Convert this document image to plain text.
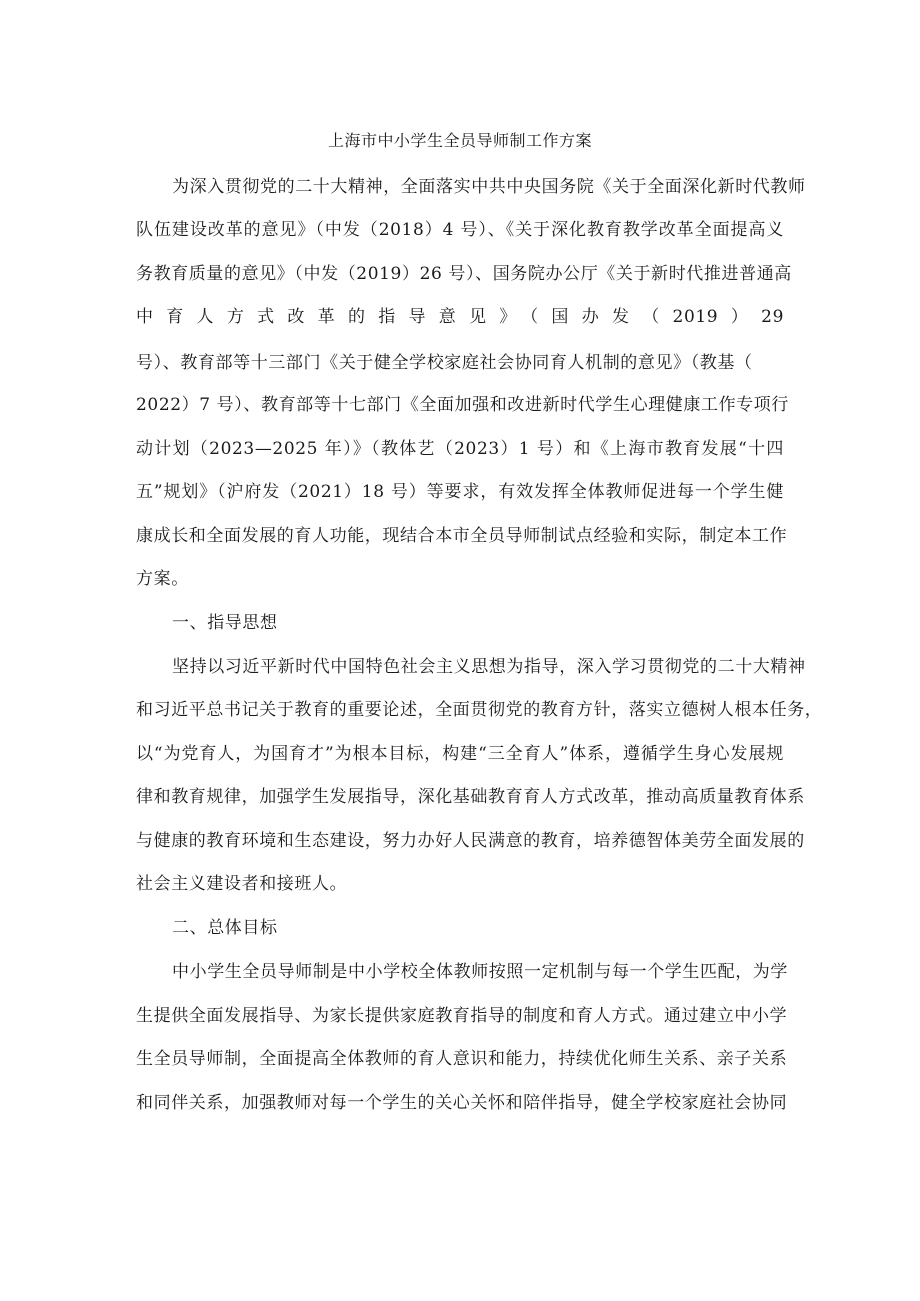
上海市中小学生全员导师制工作方案
为深入贯彻党的二十大精神，全面落实中共中央国务院《关于全面深化新时代教师
队伍建设改革的意见》（中发（2018）4 号）、《关于深化教育教学改革全面提高义
务教育质量的意见》（中发（2019）26 号）、国务院办公厅《关于新时代推进普通高
中育人方式改革的指导意见》（国办发（2019）29
号）、教育部等十三部门《关于健全学校家庭社会协同育人机制的意见》（教基（
2022）7 号）、教育部等十七部门《全面加强和改进新时代学生心理健康工作专项行
动计划（2023—2025 年）》（教体艺（2023）1 号）和《上海市教育发展“十四
五”规划》（沪府发（2021）18 号）等要求，有效发挥全体教师促进每一个学生健
康成长和全面发展的育人功能，现结合本市全员导师制试点经验和实际，制定本工作
方案。
一、指导思想
坚持以习近平新时代中国特色社会主义思想为指导，深入学习贯彻党的二十大精神
和习近平总书记关于教育的重要论述，全面贯彻党的教育方针，落实立德树人根本任务，
以“为党育人，为国育才”为根本目标，构建“三全育人”体系，遵循学生身心发展规
律和教育规律，加强学生发展指导，深化基础教育育人方式改革，推动高质量教育体系
与健康的教育环境和生态建设，努力办好人民满意的教育，培养德智体美劳全面发展的
社会主义建设者和接班人。
二、总体目标
中小学生全员导师制是中小学校全体教师按照一定机制与每一个学生匹配，为学
生提供全面发展指导、为家长提供家庭教育指导的制度和育人方式。通过建立中小学
生全员导师制，全面提高全体教师的育人意识和能力，持续优化师生关系、亲子关系
和同伴关系，加强教师对每一个学生的关心关怀和陪伴指导，健全学校家庭社会协同
